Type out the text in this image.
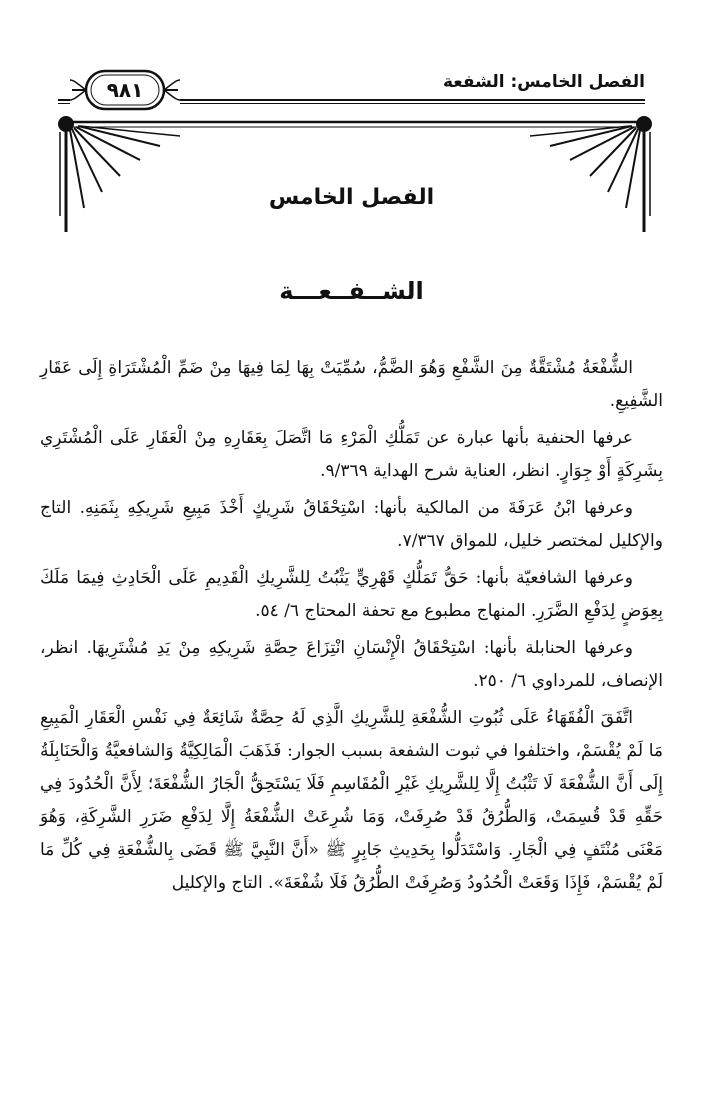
الفصل الخامس: الشفعة
٩٨١
الفصل الخامس
الشــفــعـــة

الشُّفْعَةُ مُشْتَقَّةٌ مِنَ الشَّفْعِ وَهُوَ الضَّمُّ، سُمِّيَتْ بِهَا لِمَا فِيهَا مِنْ ضَمِّ الْمُشْتَرَاةِ إِلَى عَقَارِ الشَّفِيعِ.

عرفها الحنفية بأنها عبارة عن تَمَلُّكِ الْمَرْءِ مَا اتَّصَلَ بِعَقَارِهِ مِنْ الْعَقَارِ عَلَى الْمُشْتَرِي بِشَرِكَةٍ أَوْ جِوَارٍ. انظر، العناية شرح الهداية ٩/٣٦٩.

وعرفها ابْنُ عَرَفَةَ من المالكية بأنها: اسْتِحْقَاقُ شَرِيكٍ أَخْذَ مَبِيعِ شَرِيكِهِ بِثَمَنِهِ. التاج والإكليل لمختصر خليل، للمواق ٧/٣٦٧.

وعرفها الشافعيّة بأنها: حَقُّ تَمَلُّكٍ قَهْرِيٍّ يَثْبُتُ لِلشَّرِيكِ الْقَدِيمِ عَلَى الْحَادِثِ فِيمَا مَلَكَ بِعِوَضٍ لِدَفْعِ الضَّرَرِ. المنهاج مطبوع مع تحفة المحتاج ٦/ ٥٤.

وعرفها الحنابلة بأنها: اسْتِحْقَاقُ الْإِنْسَانِ انْتِزَاعَ حِصَّةِ شَرِيكِهِ مِنْ يَدِ مُشْتَرِيهَا. انظر، الإنصاف، للمرداوي ٦/ ٢٥٠.

اتَّفَقَ الْفُقَهَاءُ عَلَى ثُبُوتِ الشُّفْعَةِ لِلشَّرِيكِ الَّذِي لَهُ حِصَّةٌ شَائِعَةٌ فِي نَفْسِ الْعَقَارِ الْمَبِيعِ مَا لَمْ يُقْسَمْ، واختلفوا في ثبوت الشفعة بسبب الجوار: فَذَهَبَ الْمَالِكِيَّةُ وَالشافعيَّةُ وَالْحَنَابِلَةُ إِلَى أَنَّ الشُّفْعَةَ لَا تَثْبُتُ إِلَّا لِلشَّرِيكِ غَيْرِ الْمُقَاسِمِ فَلَا يَسْتَحِقُّ الْجَارُ الشُّفْعَةَ؛ لِأَنَّ الْحُدُودَ فِي حَقِّهِ قَدْ قُسِمَتْ، وَالطُّرُقُ قَدْ صُرِفَتْ، وَمَا شُرِعَتْ الشُّفْعَةُ إِلَّا لِدَفْعِ ضَرَرِ الشَّرِكَةِ، وَهُوَ مَعْنَى مُنْتَفٍ فِي الْجَارِ. وَاسْتَدَلُّوا بِحَدِيثِ جَابِرٍ ﷺ «أَنَّ النَّبِيَّ ﷺ قَضَى بِالشُّفْعَةِ فِي كُلِّ مَا لَمْ يُقْسَمْ، فَإِذَا وَقَعَتْ الْحُدُودُ وَصُرِفَتْ الطُّرُقُ فَلَا شُفْعَةَ». التاج والإكليل
